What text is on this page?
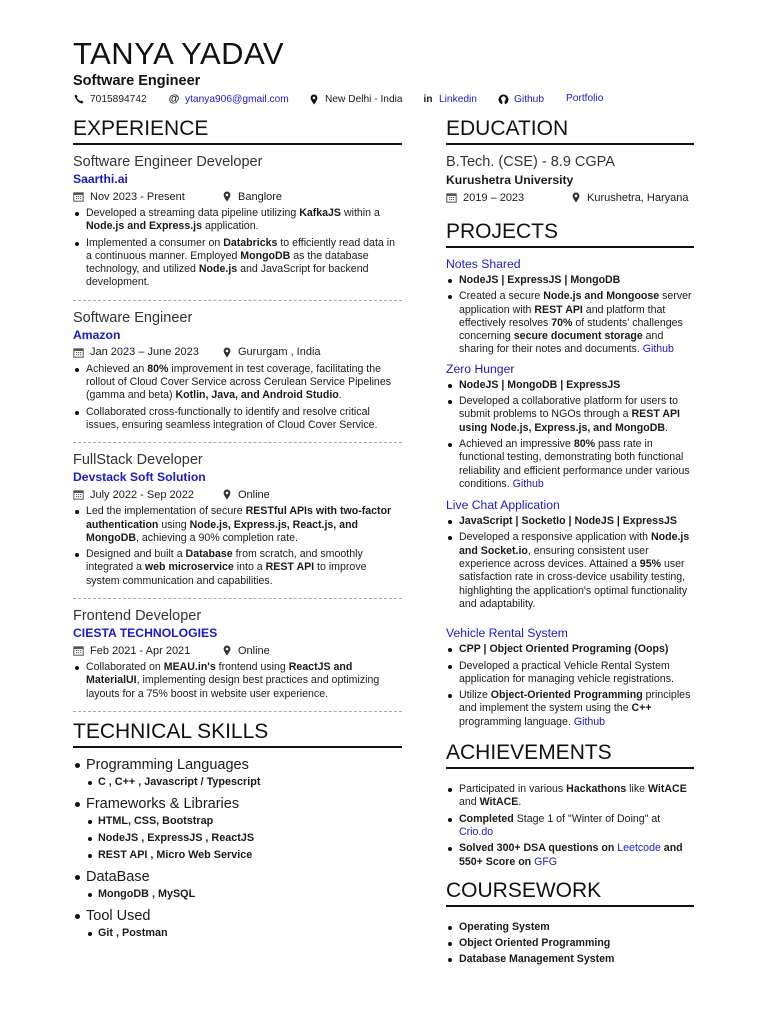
TANYA YADAV
Software Engineer
7015894742 @ ytanya906@gmail.com	New Delhi - India in Linkedin	Github Portfolio
EXPERIENCE
Software Engineer Developer
Saarthi.ai
Nov 2023 - Present	Banglore
Developed a streaming data pipeline utilizing KafkaJS within a Node.js and Express.js application.
Implemented a consumer on Databricks to efficiently read data in a continuous manner. Employed MongoDB as the database technology, and utilized Node.js and JavaScript for backend development.
Software Engineer
Amazon
Jan 2023 – June 2023	Gururgam , India
Achieved an 80% improvement in test coverage, facilitating the rollout of Cloud Cover Service across Cerulean Service Pipelines (gamma and beta) Kotlin, Java, and Android Studio.
Collaborated cross-functionally to identify and resolve critical issues, ensuring seamless integration of Cloud Cover Service.
FullStack Developer
Devstack Soft Solution
July 2022 - Sep 2022	Online
Led the implementation of secure RESTful APIs with two-factor authentication using Node.js, Express.js, React.js, and MongoDB, achieving a 90% completion rate.
Designed and built a Database from scratch, and smoothly integrated a web microservice into a REST API to improve system communication and capabilities.
Frontend Developer
CIESTA TECHNOLOGIES
Feb 2021 - Apr 2021	Online
Collaborated on MEAU.in's frontend using ReactJS and MaterialUI, implementing design best practices and optimizing layouts for a 75% boost in website user experience.
TECHNICAL SKILLS
Programming Languages
C , C++ , Javascript / Typescript
Frameworks & Libraries
HTML, CSS, Bootstrap
NodeJS , ExpressJS , ReactJS
REST API , Micro Web Service
DataBase
MongoDB , MySQL
Tool Used
Git , Postman
EDUCATION
B.Tech. (CSE) - 8.9 CGPA
Kurushetra University
2019 – 2023	Kurushetra, Haryana
PROJECTS
Notes Shared
NodeJS | ExpressJS | MongoDB
Created a secure Node.js and Mongoose server application with REST API and platform that effectively resolves 70% of students' challenges concerning secure document storage and sharing for their notes and documents. Github
Zero Hunger
NodeJS | MongoDB | ExpressJS
Developed a collaborative platform for users to submit problems to NGOs through a REST API using Node.js, Express.js, and MongoDB.
Achieved an impressive 80% pass rate in functional testing, demonstrating both functional reliability and efficient performance under various conditions. Github
Live Chat Application
JavaScript | SocketIo | NodeJS | ExpressJS
Developed a responsive application with Node.js and Socket.io, ensuring consistent user experience across devices. Attained a 95% user satisfaction rate in cross-device usability testing, highlighting the application's optimal functionality and adaptability.
Vehicle Rental System
CPP | Object Oriented Programing (Oops)
Developed a practical Vehicle Rental System application for managing vehicle registrations.
Utilize Object-Oriented Programming principles and implement the system using the C++ programming language. Github
ACHIEVEMENTS
Participated in various Hackathons like WitACE and WitACE.
Completed Stage 1 of "Winter of Doing" at Crio.do
Solved 300+ DSA questions on Leetcode and 550+ Score on GFG
COURSEWORK
Operating System
Object Oriented Programming
Database Management System
